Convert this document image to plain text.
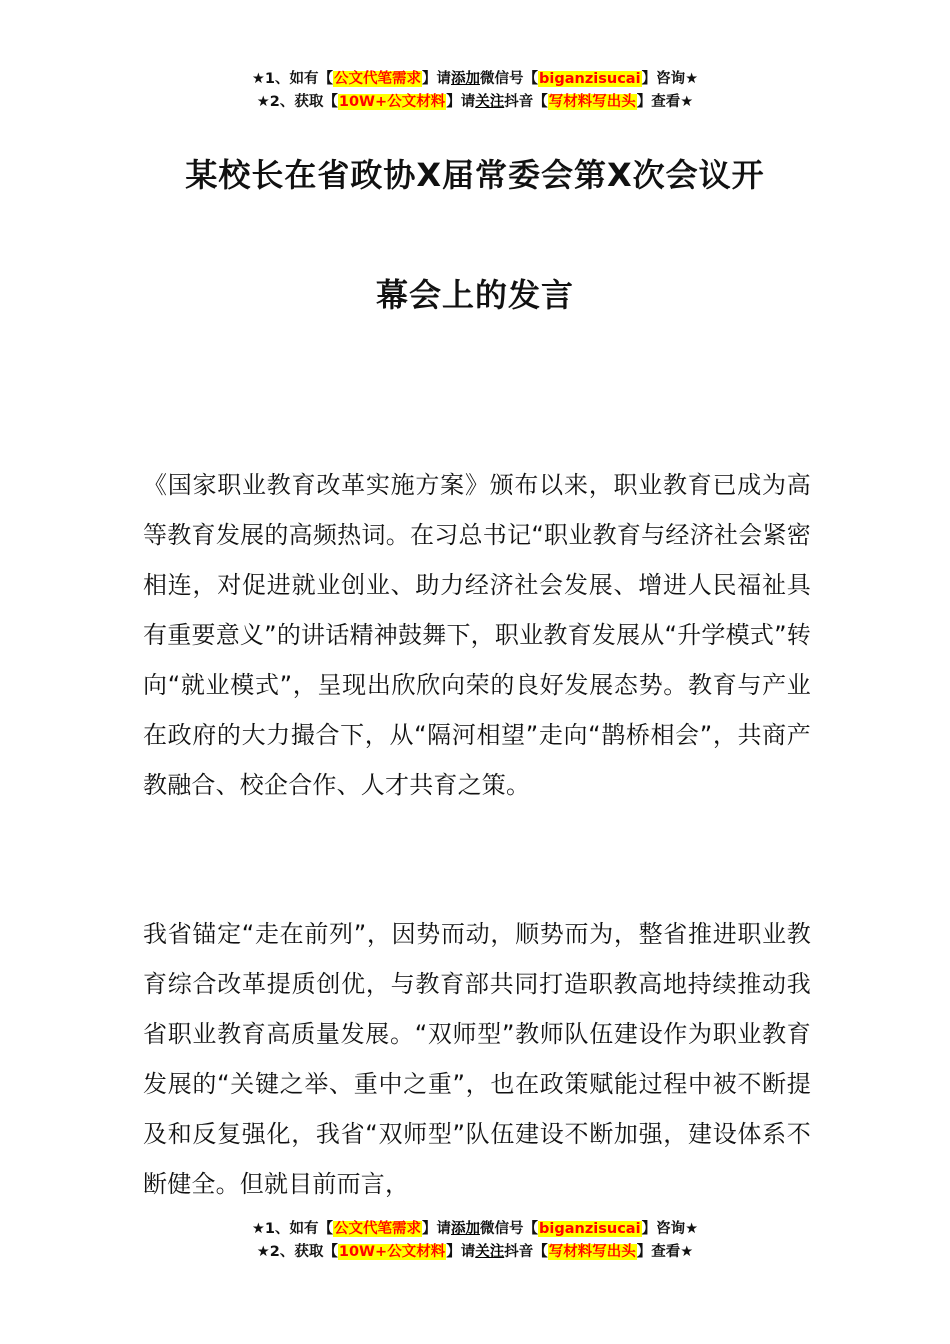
★1、如有【公文代笔需求】请添加微信号【biganzisucai】咨询★
★2、获取【10W+公文材料】请关注抖音【写材料写出头】查看★
某校长在省政协Ⅹ届常委会第Ⅹ次会议开
幕会上的发言
《国家职业教育改革实施方案》颁布以来，职业教育已成为高等教育发展的高频热词。在习总书记“职业教育与经济社会紧密相连，对促进就业创业、助力经济社会发展、增进人民福祉具有重要意义”的讲话精神鼓舞下，职业教育发展从“升学模式”转向“就业模式”，呈现出欣欣向荣的良好发展态势。教育与产业在政府的大力撮合下，从“隔河相望”走向“鹊桥相会”，共商产教融合、校企合作、人才共育之策。
我省锚定“走在前列”，因势而动，顺势而为，整省推进职业教育综合改革提质创优，与教育部共同打造职教高地持续推动我省职业教育高质量发展。“双师型”教师队伍建设作为职业教育发展的“关键之举、重中之重”，也在政策赋能过程中被不断提及和反复强化，我省“双师型”队伍建设不断加强，建设体系不断健全。但就目前而言，
★1、如有【公文代笔需求】请添加微信号【biganzisucai】咨询★
★2、获取【10W+公文材料】请关注抖音【写材料写出头】查看★
